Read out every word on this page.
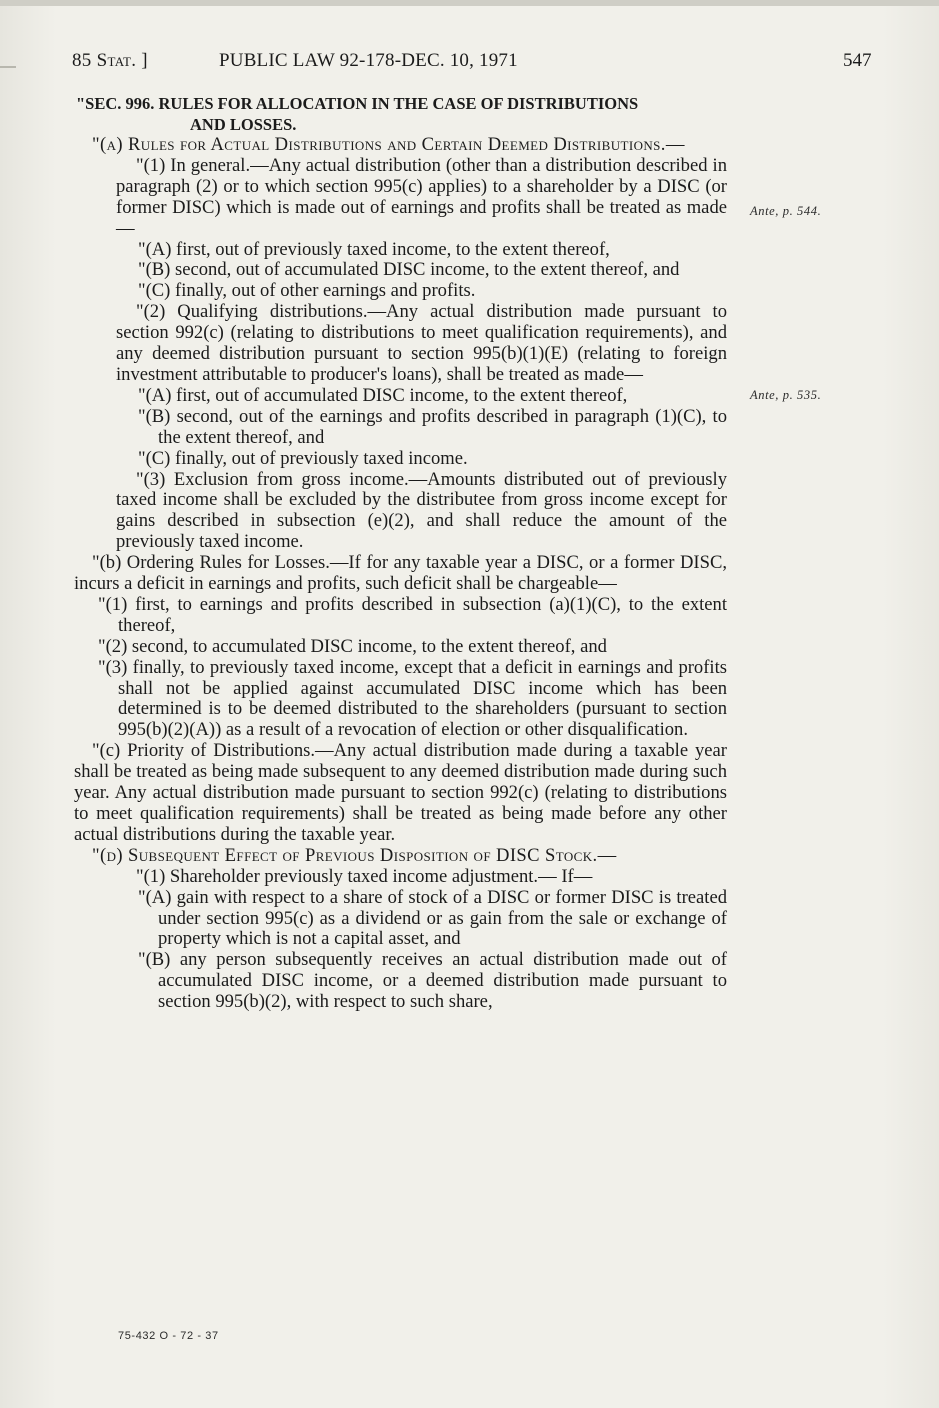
85 Stat. ]	PUBLIC LAW 92-178-DEC. 10, 1971	547

"SEC. 996. RULES FOR ALLOCATION IN THE CASE OF DISTRIBUTIONS
AND LOSSES.

"(a) Rules for Actual Distributions and Certain Deemed Distributions.—

"(1) In general.—Any actual distribution (other than a distribution described in paragraph (2) or to which section 995(c) applies) to a shareholder by a DISC (or former DISC) which is made out of earnings and profits shall be treated as made—

"(A) first, out of previously taxed income, to the extent thereof,

"(B) second, out of accumulated DISC income, to the extent thereof, and

"(C) finally, out of other earnings and profits.

"(2) Qualifying distributions.—Any actual distribution made pursuant to section 992(c) (relating to distributions to meet qualification requirements), and any deemed distribution pursuant to section 995(b)(1)(E) (relating to foreign investment attributable to producer's loans), shall be treated as made—

"(A) first, out of accumulated DISC income, to the extent thereof,

"(B) second, out of the earnings and profits described in paragraph (1)(C), to the extent thereof, and

"(C) finally, out of previously taxed income.

"(3) Exclusion from gross income.—Amounts distributed out of previously taxed income shall be excluded by the distributee from gross income except for gains described in subsection (e)(2), and shall reduce the amount of the previously taxed income.

"(b) Ordering Rules for Losses.—If for any taxable year a DISC, or a former DISC, incurs a deficit in earnings and profits, such deficit shall be chargeable—

"(1) first, to earnings and profits described in subsection (a)(1)(C), to the extent thereof,

"(2) second, to accumulated DISC income, to the extent thereof, and

"(3) finally, to previously taxed income, except that a deficit in earnings and profits shall not be applied against accumulated DISC income which has been determined is to be deemed distributed to the shareholders (pursuant to section 995(b)(2)(A)) as a result of a revocation of election or other disqualification.

"(c) Priority of Distributions.—Any actual distribution made during a taxable year shall be treated as being made subsequent to any deemed distribution made during such year. Any actual distribution made pursuant to section 992(c) (relating to distributions to meet qualification requirements) shall be treated as being made before any other actual distributions during the taxable year.

"(d) Subsequent Effect of Previous Disposition of DISC Stock.—

"(1) Shareholder previously taxed income adjustment.— If—

"(A) gain with respect to a share of stock of a DISC or former DISC is treated under section 995(c) as a dividend or as gain from the sale or exchange of property which is not a capital asset, and

"(B) any person subsequently receives an actual distribution made out of accumulated DISC income, or a deemed distribution made pursuant to section 995(b)(2), with respect to such share,

Ante, p. 544.
Ante, p. 535.
75-432 O - 72 - 37
